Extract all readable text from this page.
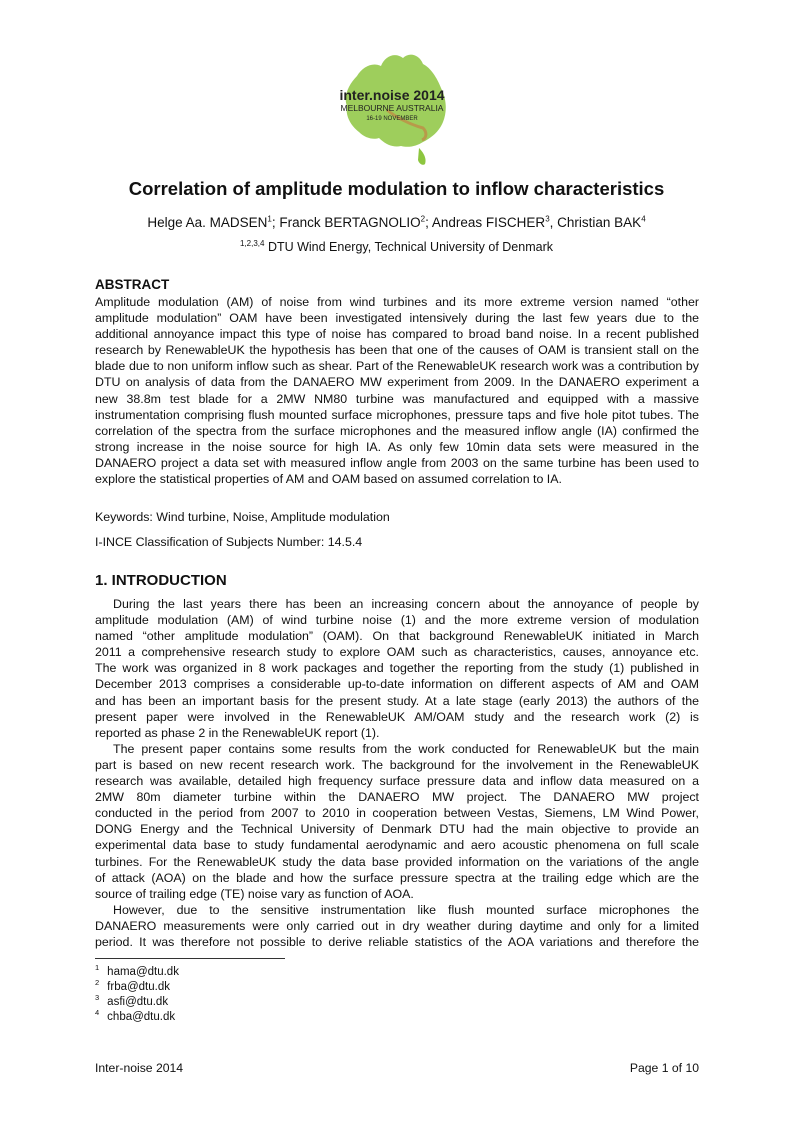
inter.noise 2014
MELBOURNE AUSTRALIA
16-19 NOVEMBER
Correlation of amplitude modulation to inflow characteristics
Helge Aa. MADSEN$^1$; Franck BERTAGNOLIO$^2$; Andreas FISCHER$^3$, Christian BAK$^4$
$^{1,2,3,4}$ DTU Wind Energy, Technical University of Denmark
ABSTRACT

Amplitude modulation (AM) of noise from wind turbines and its more extreme version named “other
amplitude modulation” OAM have been investigated intensively during the last few years due to the
additional annoyance impact this type of noise has compared to broad band noise. In a recent published
research by RenewableUK the hypothesis has been that one of the causes of OAM is transient stall on the
blade due to non uniform inflow such as shear. Part of the RenewableUK research work was a contribution by
DTU on analysis of data from the DANAERO MW experiment from 2009. In the DANAERO experiment a
new 38.8m test blade for a 2MW NM80 turbine was manufactured and equipped with a massive
instrumentation comprising flush mounted surface microphones, pressure taps and five hole pitot tubes. The
correlation of the spectra from the surface microphones and the measured inflow angle (IA) confirmed the
strong increase in the noise source for high IA. As only few 10min data sets were measured in the
DANAERO project a data set with measured inflow angle from 2003 on the same turbine has been used to
explore the statistical properties of AM and OAM based on assumed correlation to IA.

Keywords: Wind turbine, Noise, Amplitude modulation
I-INCE Classification of Subjects Number: 14.5.4
1. INTRODUCTION

During the last years there has been an increasing concern about the annoyance of people by
amplitude modulation (AM) of wind turbine noise (1) and the more extreme version of modulation
named “other amplitude modulation” (OAM). On that background RenewableUK initiated in March
2011 a comprehensive research study to explore OAM such as characteristics, causes, annoyance etc.
The work was organized in 8 work packages and together the reporting from the study (1) published in
December 2013 comprises a considerable up-to-date information on different aspects of AM and OAM
and has been an important basis for the present study. At a late stage (early 2013) the authors of the
present paper were involved in the RenewableUK AM/OAM study and the research work (2) is
reported as phase 2 in the RenewableUK report (1).
The present paper contains some results from the work conducted for RenewableUK but the main
part is based on new recent research work. The background for the involvement in the RenewableUK
research was available, detailed high frequency surface pressure data and inflow data measured on a
2MW 80m diameter turbine within the DANAERO MW project. The DANAERO MW project
conducted in the period from 2007 to 2010 in cooperation between Vestas, Siemens, LM Wind Power,
DONG Energy and the Technical University of Denmark DTU had the main objective to provide an
experimental data base to study fundamental aerodynamic and aero acoustic phenomena on full scale
turbines. For the RenewableUK study the data base provided information on the variations of the angle
of attack (AOA) on the blade and how the surface pressure spectra at the trailing edge which are the
source of trailing edge (TE) noise vary as function of AOA.
However, due to the sensitive instrumentation like flush mounted surface microphones the
DANAERO measurements were only carried out in dry weather during daytime and only for a limited
period. It was therefore not possible to derive reliable statistics of the AOA variations and therefore the

$^1$ hama@dtu.dk
$^2$ frba@dtu.dk
$^3$ asfi@dtu.dk
$^4$ chba@dtu.dk
Inter-noise 2014	Page 1 of 10
